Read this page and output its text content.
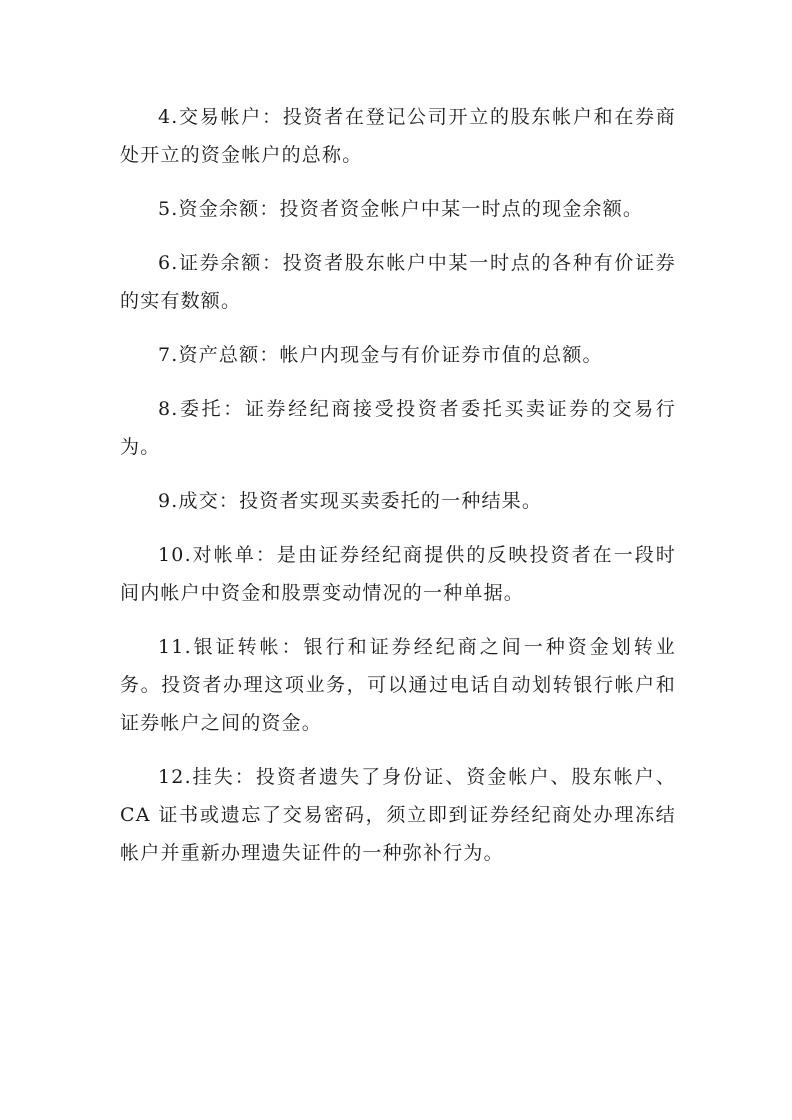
4.交易帐户：投资者在登记公司开立的股东帐户和在券商处开立的资金帐户的总称。

5.资金余额：投资者资金帐户中某一时点的现金余额。

6.证券余额：投资者股东帐户中某一时点的各种有价证券的实有数额。

7.资产总额：帐户内现金与有价证券市值的总额。

8.委托：证券经纪商接受投资者委托买卖证券的交易行为。

9.成交：投资者实现买卖委托的一种结果。

10.对帐单：是由证券经纪商提供的反映投资者在一段时间内帐户中资金和股票变动情况的一种单据。

11.银证转帐：银行和证券经纪商之间一种资金划转业务。投资者办理这项业务，可以通过电话自动划转银行帐户和证券帐户之间的资金。

12.挂失：投资者遗失了身份证、资金帐户、股东帐户、CA 证书或遗忘了交易密码，须立即到证券经纪商处办理冻结帐户并重新办理遗失证件的一种弥补行为。
